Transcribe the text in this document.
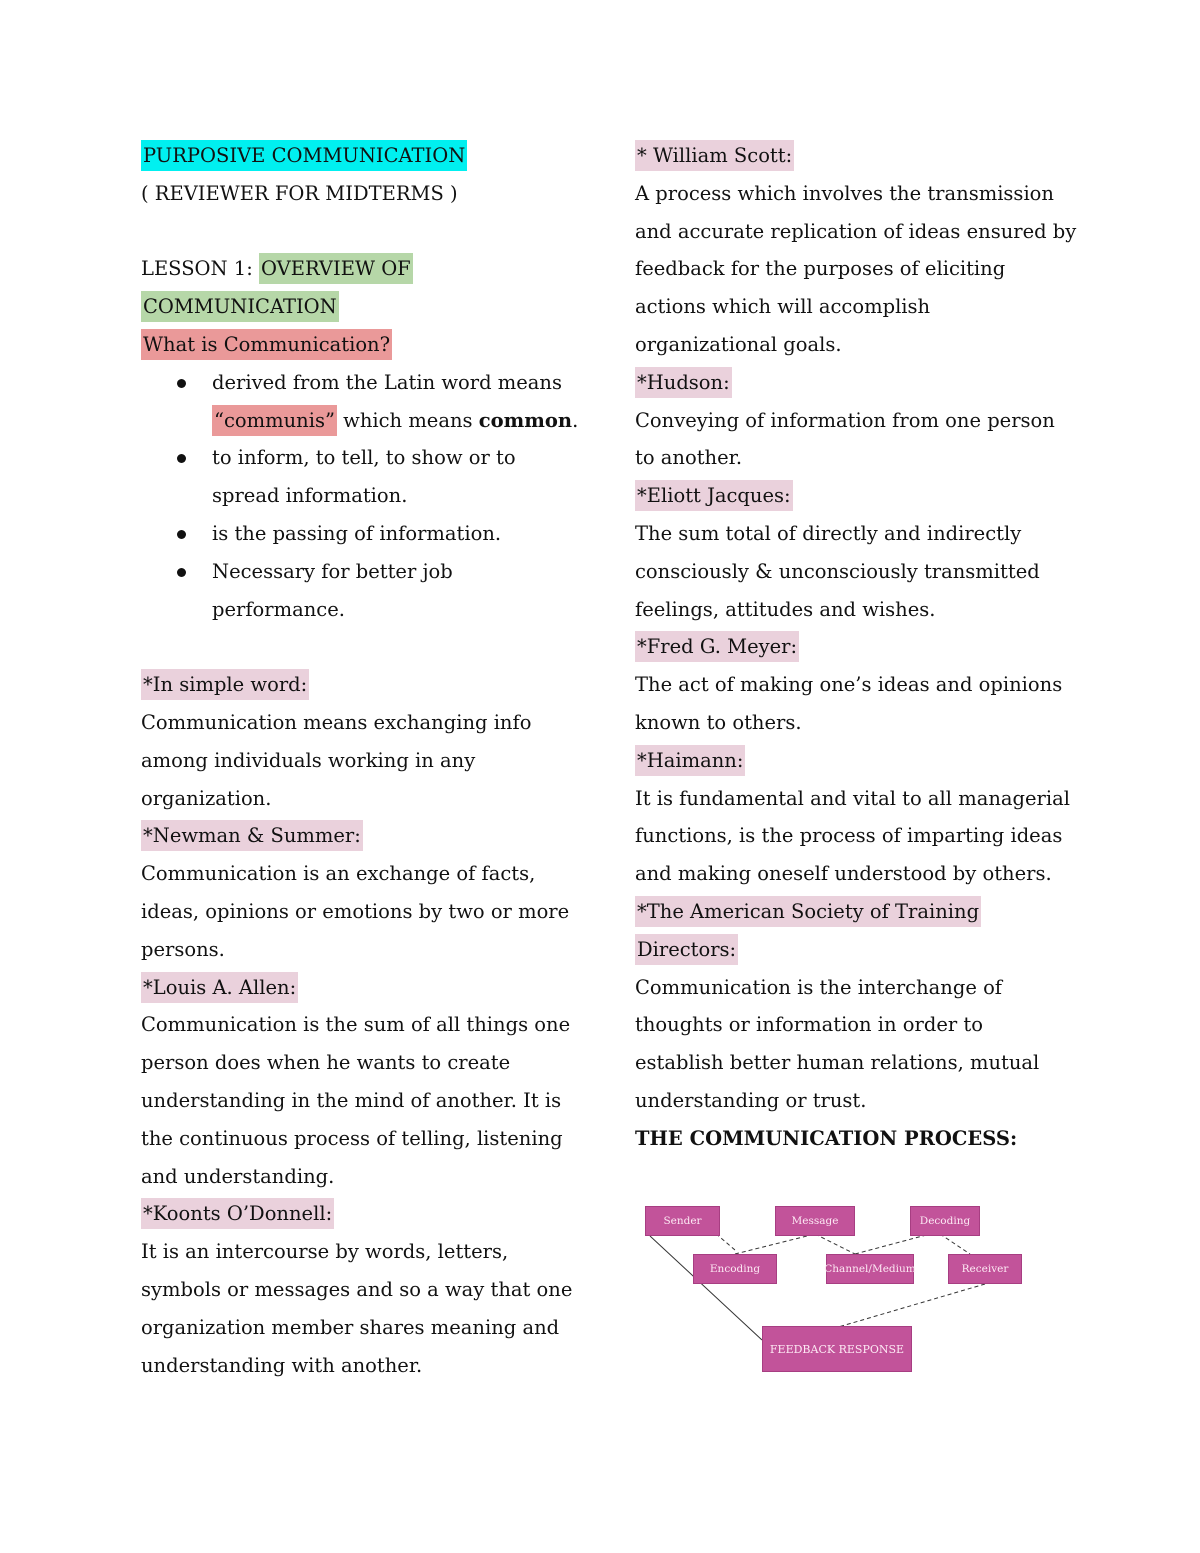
PURPOSIVE COMMUNICATION
( REVIEWER FOR MIDTERMS )
LESSON 1: OVERVIEW OF
COMMUNICATION
What is Communication?
derived from the Latin word means
“communis” which means common.
to inform, to tell, to show or to
spread information.
is the passing of information.
Necessary for better job
performance.
*In simple word:
Communication means exchanging info
among individuals working in any
organization.
*Newman & Summer:
Communication is an exchange of facts,
ideas, opinions or emotions by two or more
persons.
*Louis A. Allen:
Communication is the sum of all things one
person does when he wants to create
understanding in the mind of another. It is
the continuous process of telling, listening
and understanding.
*Koonts O’Donnell:
It is an intercourse by words, letters,
symbols or messages and so a way that one
organization member shares meaning and
understanding with another.
* William Scott:
A process which involves the transmission
and accurate replication of ideas ensured by
feedback for the purposes of eliciting
actions which will accomplish
organizational goals.
*Hudson:
Conveying of information from one person
to another.
*Eliott Jacques:
The sum total of directly and indirectly
consciously & unconsciously transmitted
feelings, attitudes and wishes.
*Fred G. Meyer:
The act of making one’s ideas and opinions
known to others.
*Haimann:
It is fundamental and vital to all managerial
functions, is the process of imparting ideas
and making oneself understood by others.
*The American Society of Training
Directors:
Communication is the interchange of
thoughts or information in order to
establish better human relations, mutual
understanding or trust.
THE COMMUNICATION PROCESS:
Sender	Message	Decoding
Encoding	Channel/Medium	Receiver
FEEDBACK RESPONSE
